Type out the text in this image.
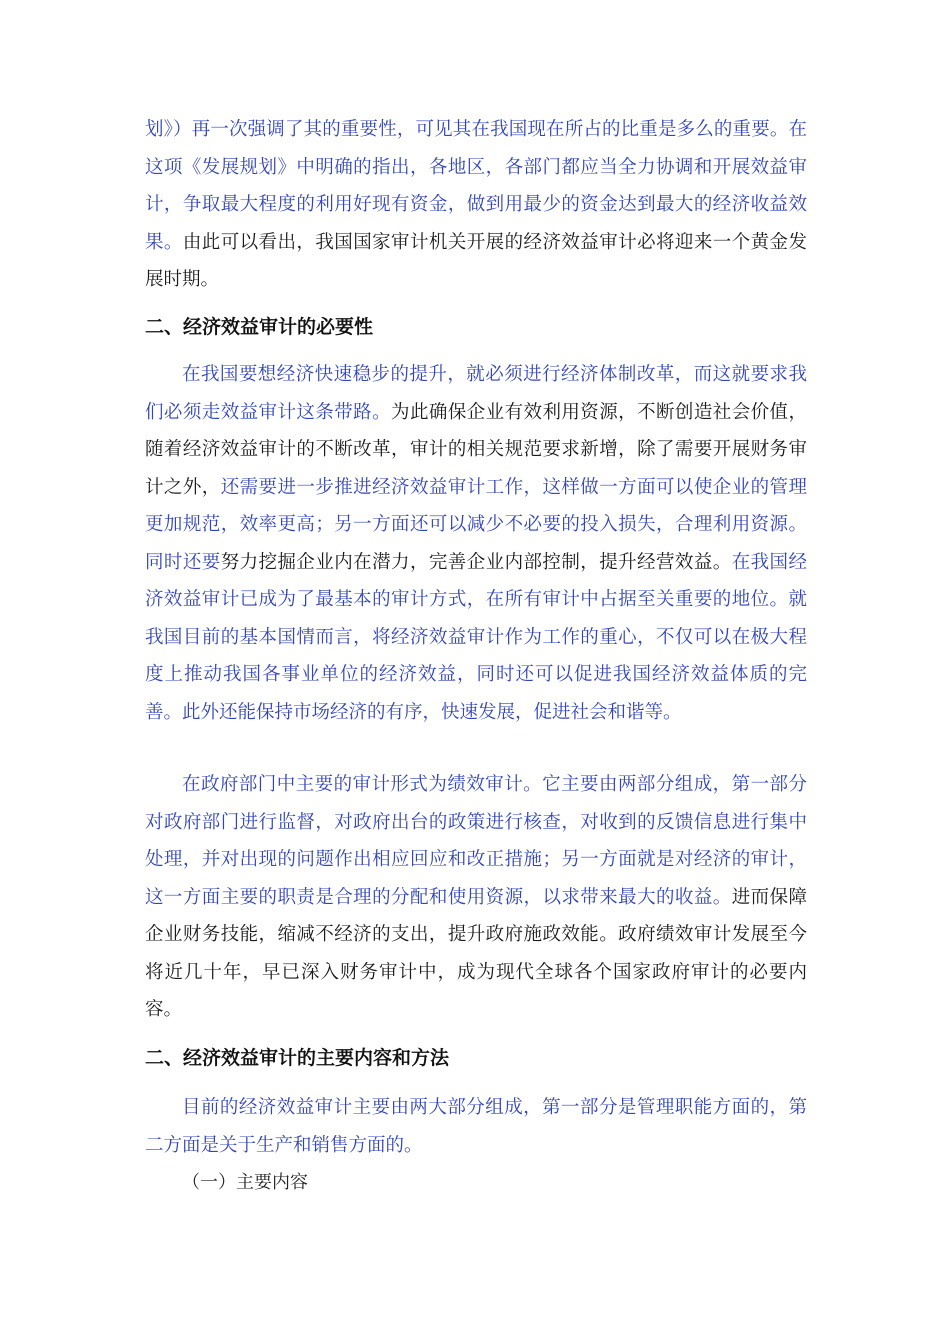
划》）再一次强调了其的重要性，可见其在我国现在所占的比重是多么的重要。在这项《发展规划》中明确的指出，各地区，各部门都应当全力协调和开展效益审计，争取最大程度的利用好现有资金，做到用最少的资金达到最大的经济收益效果。由此可以看出，我国国家审计机关开展的经济效益审计必将迎来一个黄金发展时期。

二、经济效益审计的必要性

在我国要想经济快速稳步的提升，就必须进行经济体制改革，而这就要求我们必须走效益审计这条带路。为此确保企业有效利用资源，不断创造社会价值，随着经济效益审计的不断改革，审计的相关规范要求新增，除了需要开展财务审计之外，还需要进一步推进经济效益审计工作，这样做一方面可以使企业的管理更加规范，效率更高；另一方面还可以减少不必要的投入损失，合理利用资源。同时还要努力挖掘企业内在潜力，完善企业内部控制，提升经营效益。在我国经济效益审计已成为了最基本的审计方式，在所有审计中占据至关重要的地位。就我国目前的基本国情而言，将经济效益审计作为工作的重心，不仅可以在极大程度上推动我国各事业单位的经济效益，同时还可以促进我国经济效益体质的完善。此外还能保持市场经济的有序，快速发展，促进社会和谐等。

在政府部门中主要的审计形式为绩效审计。它主要由两部分组成，第一部分对政府部门进行监督，对政府出台的政策进行核查，对收到的反馈信息进行集中处理，并对出现的问题作出相应回应和改正措施；另一方面就是对经济的审计，这一方面主要的职责是合理的分配和使用资源，以求带来最大的收益。进而保障企业财务技能，缩减不经济的支出，提升政府施政效能。政府绩效审计发展至今将近几十年，早已深入财务审计中，成为现代全球各个国家政府审计的必要内容。

二、经济效益审计的主要内容和方法

目前的经济效益审计主要由两大部分组成，第一部分是管理职能方面的，第二方面是关于生产和销售方面的。

（一）主要内容
